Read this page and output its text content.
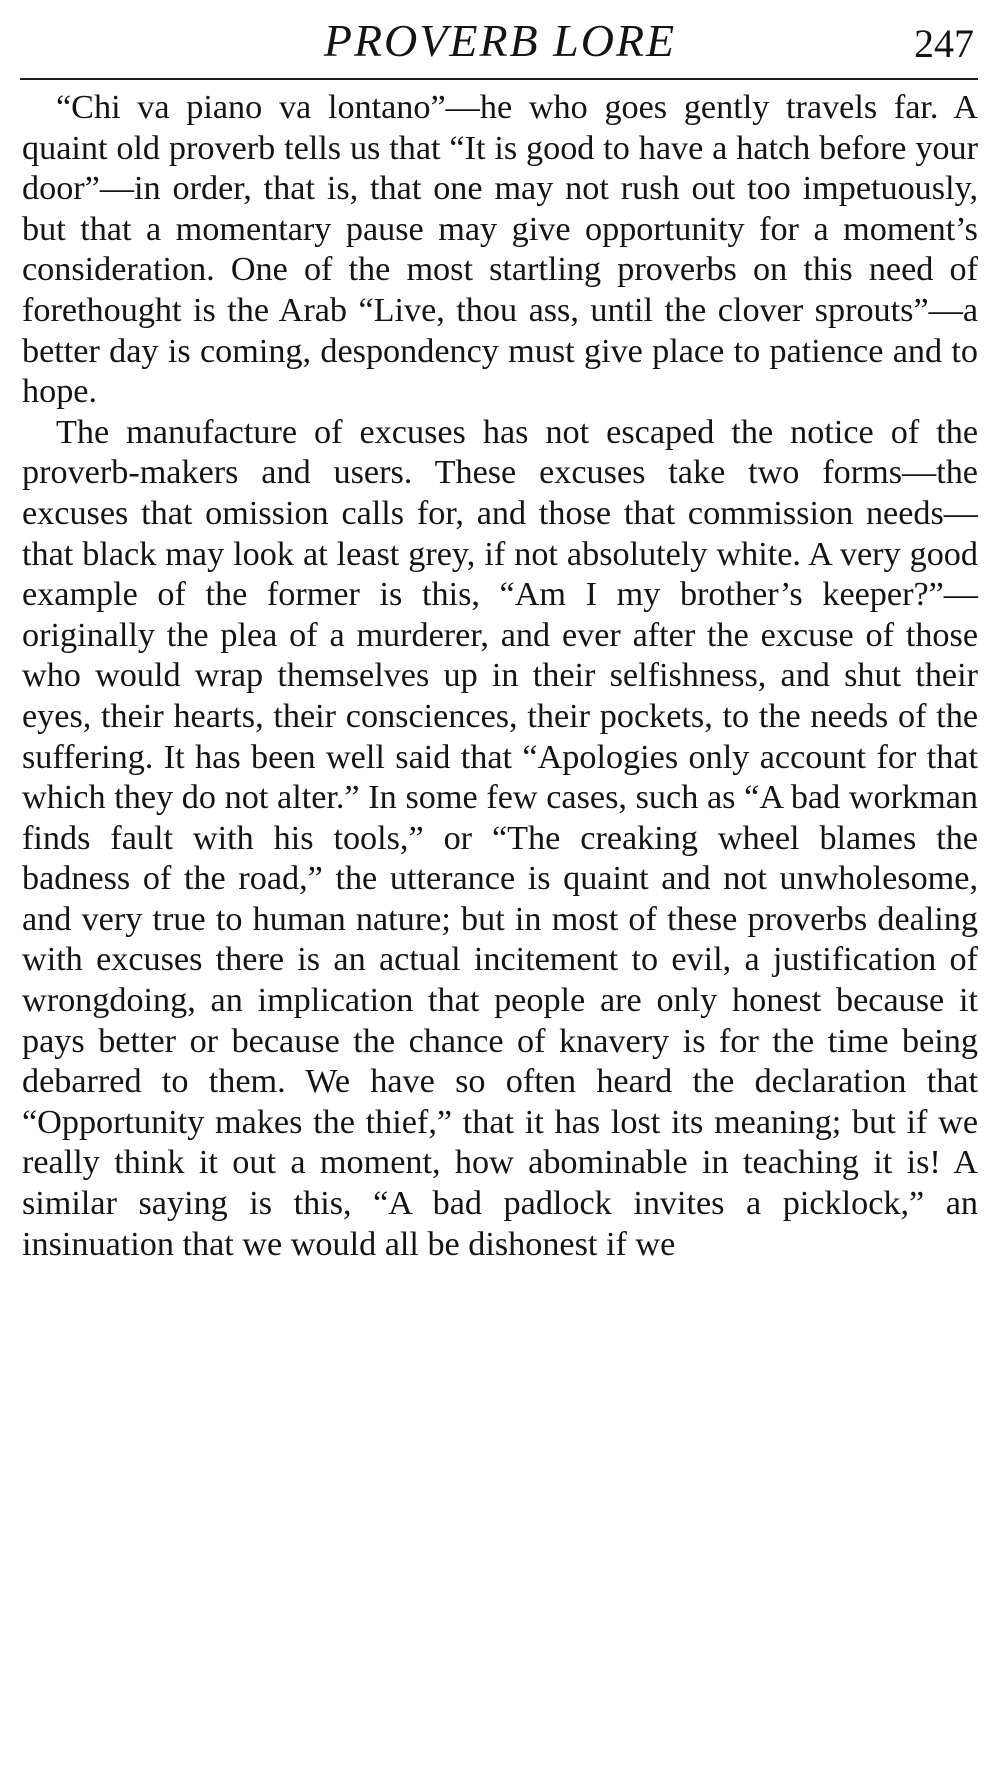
PROVERB LORE	247

“Chi va piano va lontano”—he who goes gently travels far. A quaint old proverb tells us that “It is good to have a hatch before your door”—in order, that is, that one may not rush out too impetuously, but that a momentary pause may give opportunity for a moment’s consideration. One of the most startling proverbs on this need of forethought is the Arab “Live, thou ass, until the clover sprouts”—a better day is coming, despondency must give place to patience and to hope.

The manufacture of excuses has not escaped the notice of the proverb-makers and users. These excuses take two forms—the excuses that omission calls for, and those that commission needs—that black may look at least grey, if not absolutely white. A very good example of the former is this, “Am I my brother’s keeper?”—originally the plea of a murderer, and ever after the excuse of those who would wrap themselves up in their selfishness, and shut their eyes, their hearts, their consciences, their pockets, to the needs of the suffering. It has been well said that “Apologies only account for that which they do not alter.” In some few cases, such as “A bad workman finds fault with his tools,” or “The creaking wheel blames the badness of the road,” the utterance is quaint and not unwholesome, and very true to human nature; but in most of these proverbs dealing with excuses there is an actual incitement to evil, a justification of wrongdoing, an implication that people are only honest because it pays better or because the chance of knavery is for the time being debarred to them. We have so often heard the declaration that “Opportunity makes the thief,” that it has lost its meaning; but if we really think it out a moment, how abominable in teaching it is! A similar saying is this, “A bad padlock invites a picklock,” an insinuation that we would all be dishonest if we
